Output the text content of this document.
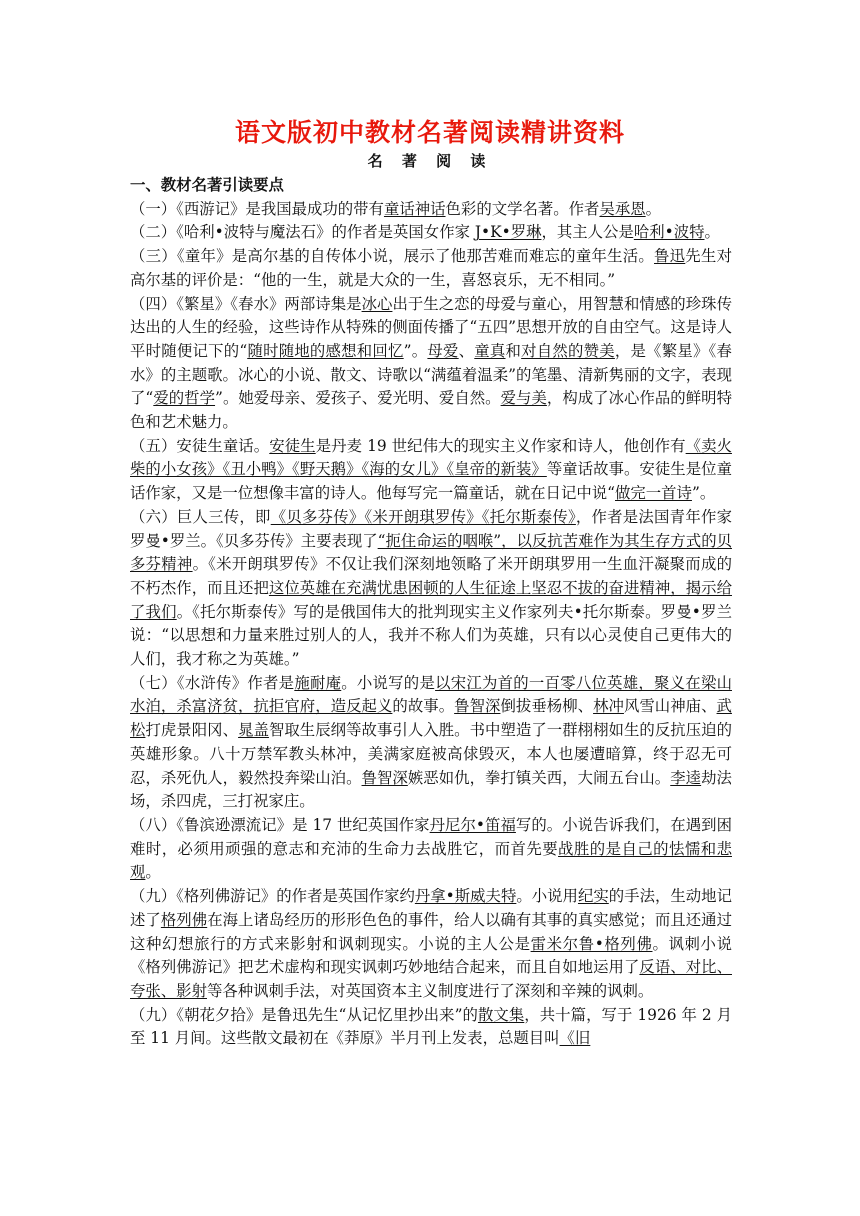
语文版初中教材名著阅读精讲资料
名 著 阅 读
一、教材名著引读要点

（一）《西游记》是我国最成功的带有童话神话色彩的文学名著。作者吴承恩。

（二）《哈利•波特与魔法石》的作者是英国女作家 J•K•罗琳，其主人公是哈利•波特。

（三）《童年》是高尔基的自传体小说，展示了他那苦难而难忘的童年生活。鲁迅先生对高尔基的评价是：“他的一生，就是大众的一生，喜怒哀乐，无不相同。”

（四）《繁星》《春水》两部诗集是冰心出于生之恋的母爱与童心，用智慧和情感的珍珠传达出的人生的经验，这些诗作从特殊的侧面传播了“五四”思想开放的自由空气。这是诗人平时随便记下的“随时随地的感想和回忆”。母爱、童真和对自然的赞美，是《繁星》《春水》的主题歌。冰心的小说、散文、诗歌以“满蕴着温柔”的笔墨、清新隽丽的文字，表现了“爱的哲学”。她爱母亲、爱孩子、爱光明、爱自然。爱与美，构成了冰心作品的鲜明特色和艺术魅力。

（五）安徒生童话。安徒生是丹麦 19 世纪伟大的现实主义作家和诗人，他创作有《卖火柴的小女孩》《丑小鸭》《野天鹅》《海的女儿》《皇帝的新装》等童话故事。安徒生是位童话作家，又是一位想像丰富的诗人。他每写完一篇童话，就在日记中说“做完一首诗”。

（六）巨人三传，即《贝多芬传》《米开朗琪罗传》《托尔斯泰传》，作者是法国青年作家罗曼•罗兰。《贝多芬传》主要表现了“扼住命运的咽喉”，以反抗苦难作为其生存方式的贝多芬精神。《米开朗琪罗传》不仅让我们深刻地领略了米开朗琪罗用一生血汗凝聚而成的不朽杰作，而且还把这位英雄在充满忧患困顿的人生征途上坚忍不拔的奋进精神，揭示给了我们。《托尔斯泰传》写的是俄国伟大的批判现实主义作家列夫•托尔斯泰。罗曼•罗兰说：“以思想和力量来胜过别人的人，我并不称人们为英雄，只有以心灵使自己更伟大的人们，我才称之为英雄。”

（七）《水浒传》作者是施耐庵。小说写的是以宋江为首的一百零八位英雄，聚义在梁山水泊，杀富济贫，抗拒官府，造反起义的故事。鲁智深倒拔垂杨柳、林冲风雪山神庙、武松打虎景阳冈、晁盖智取生辰纲等故事引人入胜。书中塑造了一群栩栩如生的反抗压迫的英雄形象。八十万禁军教头林冲，美满家庭被高俅毁灭，本人也屡遭暗算，终于忍无可忍，杀死仇人，毅然投奔梁山泊。鲁智深嫉恶如仇，拳打镇关西，大闹五台山。李逵劫法场，杀四虎，三打祝家庄。

（八）《鲁滨逊漂流记》是 17 世纪英国作家丹尼尔•笛福写的。小说告诉我们，在遇到困难时，必须用顽强的意志和充沛的生命力去战胜它，而首先要战胜的是自己的怯懦和悲观。

（九）《格列佛游记》的作者是英国作家约丹拿•斯威夫特。小说用纪实的手法，生动地记述了格列佛在海上诸岛经历的形形色色的事件，给人以确有其事的真实感觉；而且还通过这种幻想旅行的方式来影射和讽刺现实。小说的主人公是雷米尔鲁•格列佛。讽刺小说《格列佛游记》把艺术虚构和现实讽刺巧妙地结合起来，而且自如地运用了反语、对比、夸张、影射等各种讽刺手法，对英国资本主义制度进行了深刻和辛辣的讽刺。

（九）《朝花夕拾》是鲁迅先生“从记忆里抄出来”的散文集，共十篇，写于 1926 年 2 月至 11 月间。这些散文最初在《莽原》半月刊上发表，总题目叫《旧
